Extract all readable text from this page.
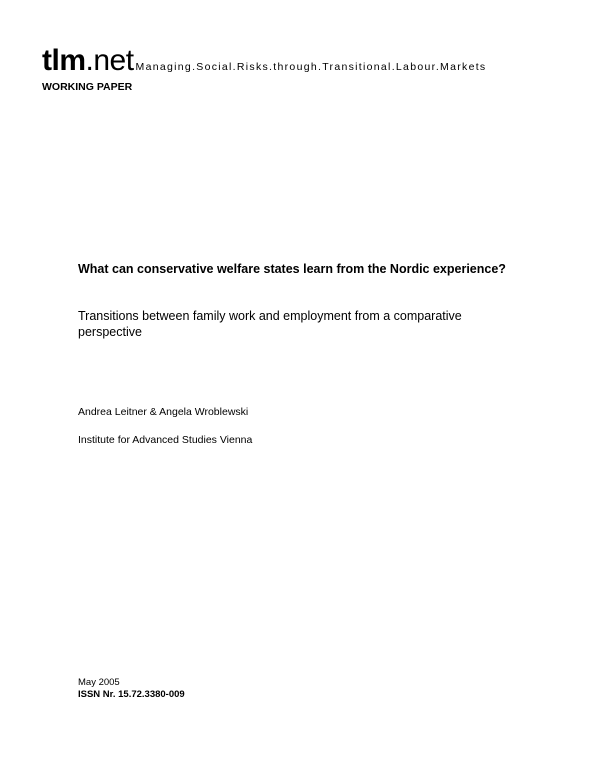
tlm.net Managing.Social.Risks.through.Transitional.Labour.Markets
WORKING PAPER
What can conservative welfare states learn from the Nordic experience?
Transitions between family work and employment from a comparative perspective
Andrea Leitner & Angela Wroblewski
Institute for Advanced Studies Vienna
May 2005
ISSN Nr. 15.72.3380-009
